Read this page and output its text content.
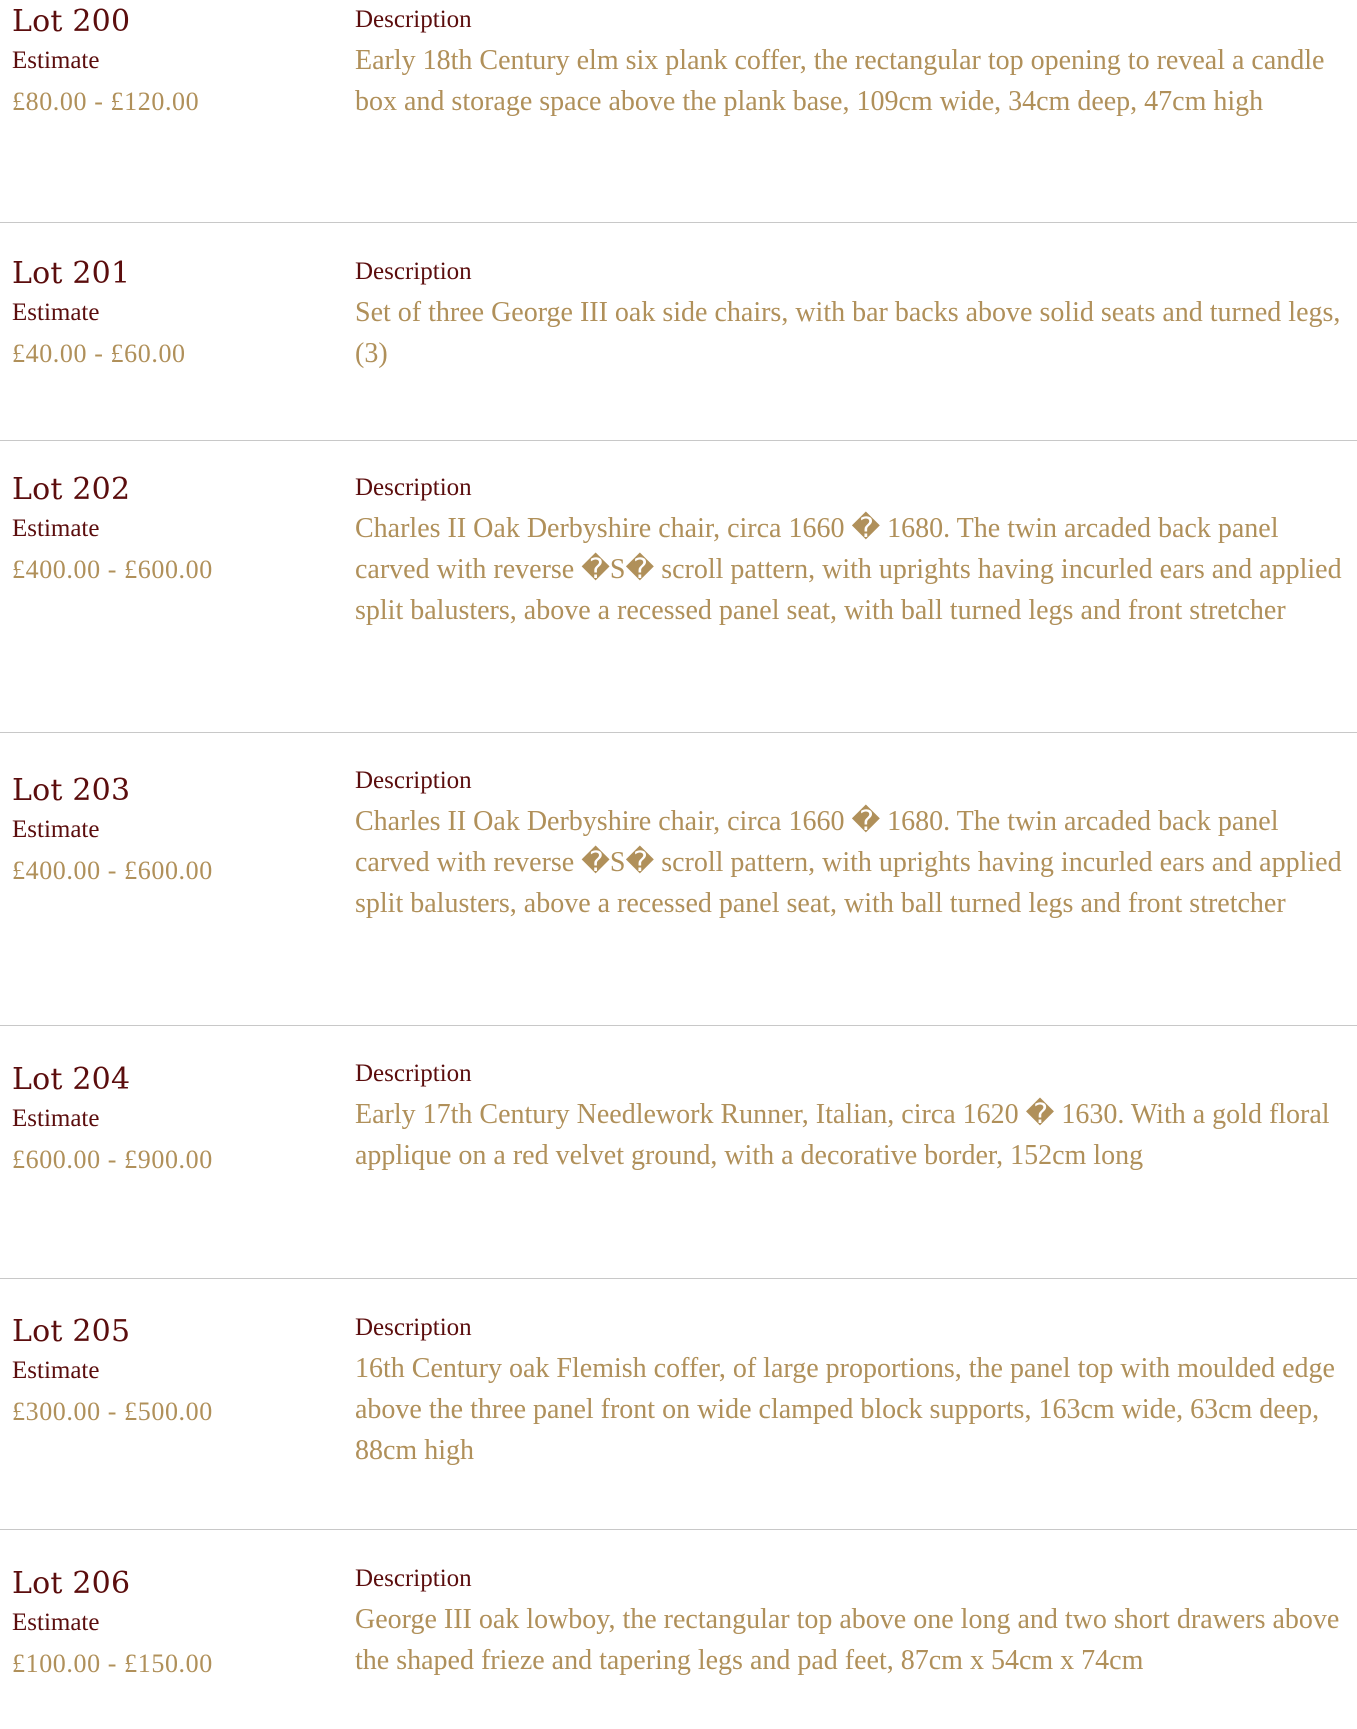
Lot 200
Estimate
£80.00 - £120.00
Description
Early 18th Century elm six plank coffer, the rectangular top opening to reveal a candle box and storage space above the plank base, 109cm wide, 34cm deep, 47cm high
Lot 201
Estimate
£40.00 - £60.00
Description
Set of three George III oak side chairs, with bar backs above solid seats and turned legs, (3)
Lot 202
Estimate
£400.00 - £600.00
Description
Charles II Oak Derbyshire chair, circa 1660 � 1680. The twin arcaded back panel carved with reverse �S� scroll pattern, with uprights having incurled ears and applied split balusters, above a recessed panel seat, with ball turned legs and front stretcher
Lot 203
Estimate
£400.00 - £600.00
Description
Charles II Oak Derbyshire chair, circa 1660 � 1680. The twin arcaded back panel carved with reverse �S� scroll pattern, with uprights having incurled ears and applied split balusters, above a recessed panel seat, with ball turned legs and front stretcher
Lot 204
Estimate
£600.00 - £900.00
Description
Early 17th Century Needlework Runner, Italian, circa 1620 � 1630. With a gold floral applique on a red velvet ground, with a decorative border, 152cm long
Lot 205
Estimate
£300.00 - £500.00
Description
16th Century oak Flemish coffer, of large proportions, the panel top with moulded edge above the three panel front on wide clamped block supports, 163cm wide, 63cm deep, 88cm high
Lot 206
Estimate
£100.00 - £150.00
Description
George III oak lowboy, the rectangular top above one long and two short drawers above the shaped frieze and tapering legs and pad feet, 87cm x 54cm x 74cm
